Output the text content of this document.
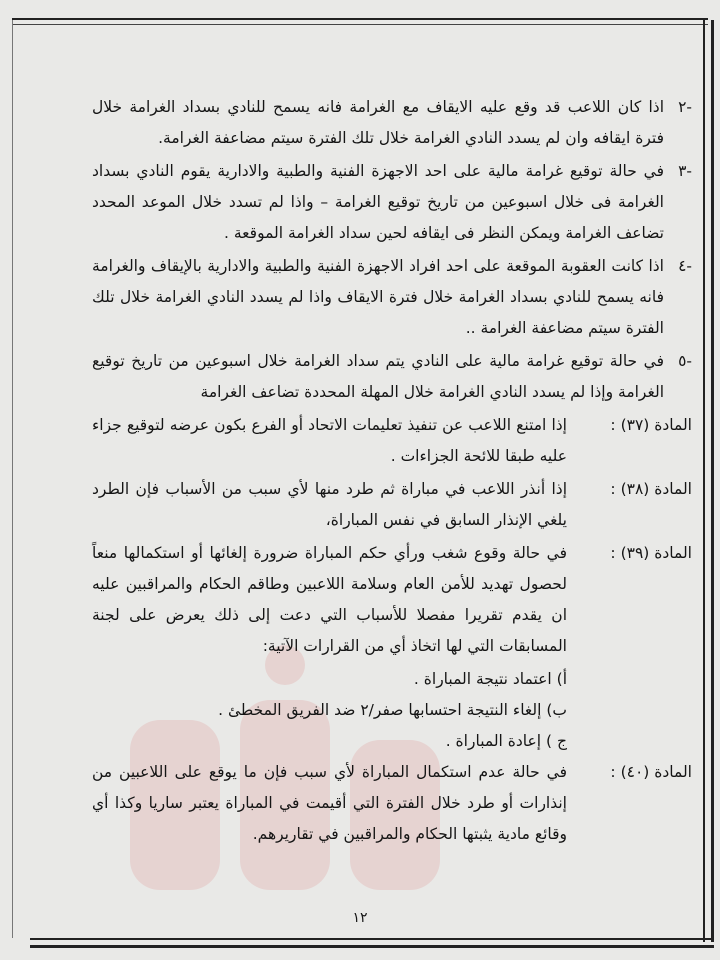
-٢
اذا كان اللاعب قد وقع عليه الايقاف مع الغرامة فانه يسمح للنادي بسداد الغرامة خلال فترة ايقافه وان لم يسدد النادي الغرامة خلال تلك الفترة سيتم مضاعفة الغرامة.
-٣
في حالة توقيع غرامة مالية على احد الاجهزة الفنية والطبية والادارية يقوم النادي بسداد الغرامة فى خلال اسبوعين من تاريخ توقيع الغرامة – واذا لم تسدد خلال الموعد المحدد تضاعف الغرامة ويمكن النظر فى ايقافه لحين سداد الغرامة الموقعة .
-٤
اذا كانت العقوبة الموقعة على احد افراد الاجهزة الفنية والطبية والادارية بالإيقاف والغرامة فانه يسمح للنادي بسداد الغرامة خلال فترة الايقاف واذا لم يسدد النادي الغرامة خلال تلك الفترة سيتم مضاعفة الغرامة ..
-٥
في حالة توقيع غرامة مالية على النادي يتم سداد الغرامة خلال اسبوعين من تاريخ توقيع الغرامة وإذا لم يسدد النادي الغرامة خلال المهلة المحددة تضاعف الغرامة
المادة (٣٧) :
إذا امتنع اللاعب عن تنفيذ تعليمات الاتحاد أو الفرع بكون عرضه لتوقيع جزاء عليه طبقا للائحة الجزاءات .
المادة (٣٨) :
إذا أنذر اللاعب في مباراة ثم طرد منها لأي سبب من الأسباب فإن الطرد يلغي الإنذار السابق في نفس المباراة،
المادة (٣٩) :
في حالة وقوع شغب ورأي حكم المباراة ضرورة إلغائها أو استكمالها منعاً لحصول تهديد للأمن العام وسلامة اللاعبين وطاقم الحكام والمراقبين عليه ان يقدم تقريرا مفصلا للأسباب التي دعت إلى ذلك يعرض على لجنة المسابقات التي لها اتخاذ أي من القرارات الآتية:
أ) اعتماد نتيجة المباراة .
ب) إلغاء النتيجة احتسابها صفر/٢ ضد الفريق المخطئ .
ج ) إعادة المباراة .
المادة (٤٠) :
في حالة عدم استكمال المباراة لأي سبب فإن ما يوقع على اللاعبين من إنذارات أو طرد خلال الفترة التي أقيمت في المباراة يعتبر ساريا وكذا أي وقائع مادية يثبتها الحكام والمراقبين في تقاريرهم.
١٢
